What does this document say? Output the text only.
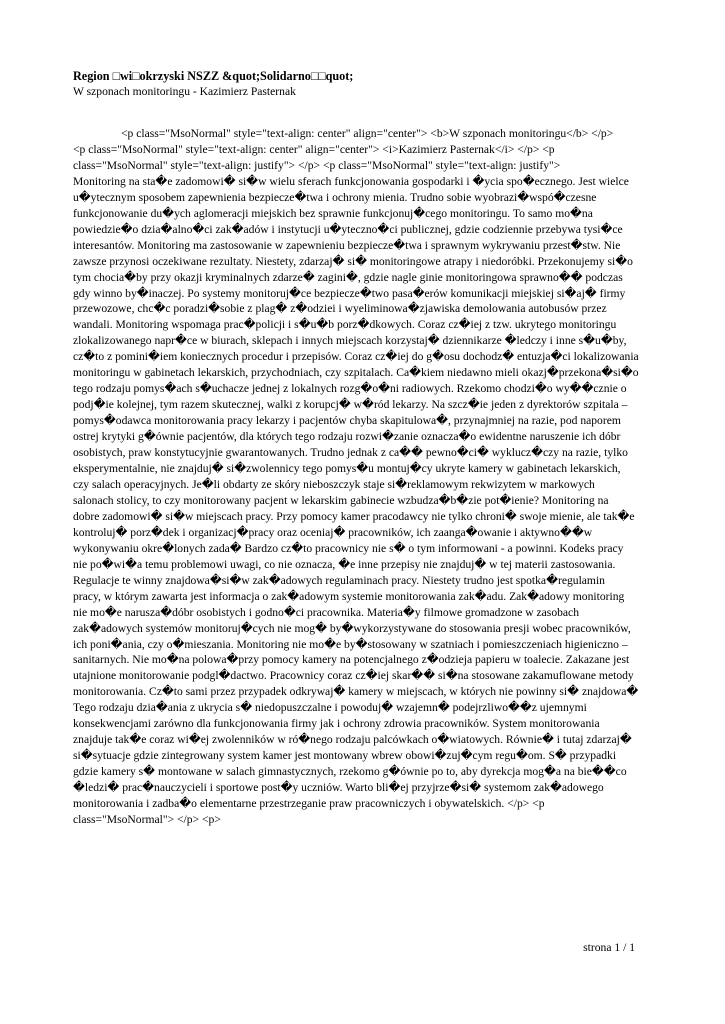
Region □wi□okrzyski NSZZ &quot;Solidarno□□quot;
W szponach monitoringu - Kazimierz Pasternak
<p class="MsoNormal" style="text-align: center" align="center"> <b>W szponach monitoringu</b> </p>
<p class="MsoNormal" style="text-align: center" align="center"> <i>Kazimierz Pasternak</i> </p> <p
class="MsoNormal" style="text-align: justify"> </p> <p class="MsoNormal" style="text-align: justify">
Monitoring na sta�e zadomowi� si�w wielu sferach funkcjonowania gospodarki i �ycia spo�ecznego. Jest wielce
u�ytecznym sposobem zapewnienia bezpiecze�twa i ochrony mienia. Trudno sobie wyobrazi�wspó�czesne
funkcjonowanie du�ych aglomeracji miejskich bez sprawnie funkcjonuj�cego monitoringu. To samo mo�na
powiedzie�o dzia�alno�ci zak�adów i instytucji u�yteczno�ci publicznej, gdzie codziennie przebywa tysi�ce
interesantów. Monitoring ma zastosowanie w zapewnieniu bezpiecze�twa i sprawnym wykrywaniu przest�stw. Nie
zawsze przynosi oczekiwane rezultaty. Niestety, zdarzaj� si� monitoringowe atrapy i niedoróbki. Przekonujemy si�o
tym chocia�by przy okazji kryminalnych zdarze� zagini�, gdzie nagle ginie monitoringowa sprawno�� podczas
gdy winno by�inaczej. Po systemy monitoruj�ce bezpiecze�two pasa�erów komunikacji miejskiej si�aj� firmy
przewozowe, chc�c poradzi�sobie z plag� z�odziei i wyeliminowa�zjawiska demolowania autobusów przez
wandali. Monitoring wspomaga prac�policji i s�u�b porz�dkowych. Coraz cz�iej z tzw. ukrytego monitoringu
zlokalizowanego napr�ce w biurach, sklepach i innych miejscach korzystaj� dziennikarze �ledczy i inne s�u�by,
cz�to z pomini�iem koniecznych procedur i przepisów. Coraz cz�iej do g�osu dochodz� entuzja�ci lokalizowania
monitoringu w gabinetach lekarskich, przychodniach, czy szpitalach. Ca�kiem niedawno mieli okazj�przekona�si�o
tego rodzaju pomys�ach s�uchacze jednej z lokalnych rozg�o�ni radiowych. Rzekomo chodzi�o wy��cznie o
podj�ie kolejnej, tym razem skutecznej, walki z korupcj� w�ród lekarzy. Na szcz�ie jeden z dyrektorów szpitala –
pomys�odawca monitorowania pracy lekarzy i pacjentów chyba skapitulowa�, przynajmniej na razie, pod naporem
ostrej krytyki g�ównie pacjentów, dla których tego rodzaju rozwi�zanie oznacza�o ewidentne naruszenie ich dóbr
osobistych, praw konstytucyjnie gwarantowanych. Trudno jednak z ca�� pewno�ci� wyklucz�czy na razie, tylko
eksperymentalnie, nie znajduj� si�zwolennicy tego pomys�u montuj�cy ukryte kamery w gabinetach lekarskich,
czy salach operacyjnych. Je�li obdarty ze skóry nieboszczyk staje si�reklamowym rekwizytem w markowych
salonach stolicy, to czy monitorowany pacjent w lekarskim gabinecie wzbudza�b�zie pot�ienie? Monitoring na
dobre zadomowi� si�w miejscach pracy. Przy pomocy kamer pracodawcy nie tylko chroni� swoje mienie, ale tak�e
kontroluj� porz�dek i organizacj�pracy oraz oceniaj� pracowników, ich zaanga�owanie i aktywno��w
wykonywaniu okre�lonych zada� Bardzo cz�to pracownicy nie s� o tym informowani - a powinni. Kodeks pracy
nie po�wi�a temu problemowi uwagi, co nie oznacza, �e inne przepisy nie znajduj� w tej materii zastosowania.
Regulacje te winny znajdowa�si�w zak�adowych regulaminach pracy. Niestety trudno jest spotka�regulamin
pracy, w którym zawarta jest informacja o zak�adowym systemie monitorowania zak�adu. Zak�adowy monitoring
nie mo�e narusza�dóbr osobistych i godno�ci pracownika. Materia�y filmowe gromadzone w zasobach
zak�adowych systemów monitoruj�cych nie mog� by�wykorzystywane do stosowania presji wobec pracowników,
ich poni�ania, czy o�mieszania. Monitoring nie mo�e by�stosowany w szatniach i pomieszczeniach higieniczno –
sanitarnych. Nie mo�na polowa�przy pomocy kamery na potencjalnego z�odzieja papieru w toalecie. Zakazane jest
utajnione monitorowanie podgl�dactwo. Pracownicy coraz cz�iej skar�� si�na stosowane zakamuflowane metody
monitorowania. Cz�to sami przez przypadek odkrywaj� kamery w miejscach, w których nie powinny si� znajdowa�
Tego rodzaju dzia�ania z ukrycia s� niedopuszczalne i powoduj� wzajemn� podejrzliwo��z ujemnymi
konsekwencjami zarówno dla funkcjonowania firmy jak i ochrony zdrowia pracowników. System monitorowania
znajduje tak�e coraz wi�ej zwolenników w ró�nego rodzaju palcówkach o�wiatowych. Równie� i tutaj zdarzaj�
si�sytuacje gdzie zintegrowany system kamer jest montowany wbrew obowi�zuj�cym regu�om. S� przypadki
gdzie kamery s� montowane w salach gimnastycznych, rzekomo g�ównie po to, aby dyrekcja mog�a na bie��co
�ledzi� prac�nauczycieli i sportowe post�y uczniów. Warto bli�ej przyjrze�si� systemom zak�adowego
monitorowania i zadba�o elementarne przestrzeganie praw pracowniczych i obywatelskich. </p> <p
class="MsoNormal"> </p> <p>
strona 1 / 1
